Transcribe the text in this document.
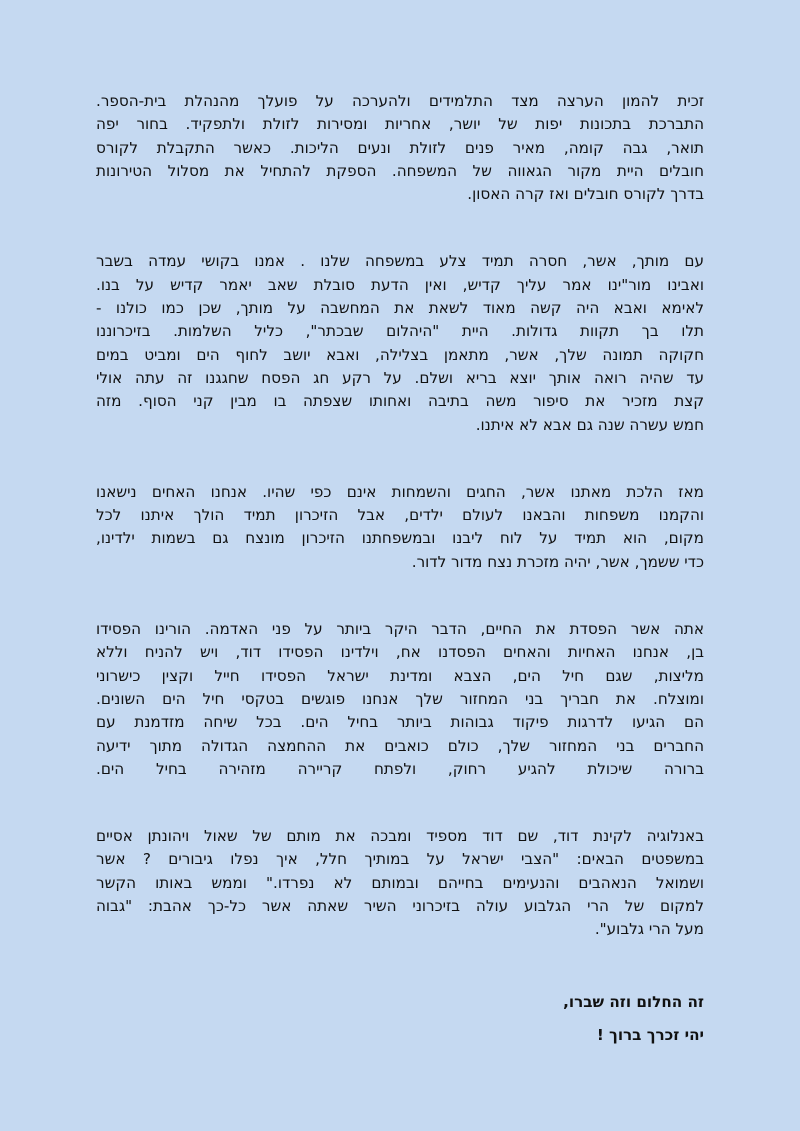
זכית להמון הערצה מצד התלמידים ולהערכה על פועלך מהנהלת בית-הספר.
התברכת בתכונות יפות של יושר, אחריות ומסירות לזולת ולתפקיד. בחור יפה
תואר, גבה קומה, מאיר פנים לזולת ונעים הליכות. כאשר התקבלת לקורס
חובלים היית מקור הגאווה של המשפחה. הספקת להתחיל את מסלול הטירונות
בדרך לקורס חובלים ואז קרה האסון.

עם מותך, אשר, חסרה תמיד צלע במשפחה שלנו . אמנו בקושי עמדה בשבר
ואבינו מור"ינו אמר עליך קדיש, ואין הדעת סובלת שאב יאמר קדיש על בנו.
לאימא ואבא היה קשה מאוד לשאת את המחשבה על מותך, שכן כמו כולנו -
תלו בך תקוות גדולות. היית "היהלום שבכתר", כליל השלמות. בזיכרוננו
חקוקה תמונה שלך, אשר, מתאמן בצלילה, ואבא יושב לחוף הים ומביט במים
עד שהיה רואה אותך יוצא בריא ושלם. על רקע חג הפסח שחגגנו זה עתה אולי
קצת מזכיר את סיפור משה בתיבה ואחותו שצפתה בו מבין קני הסוף. מזה
חמש עשרה שנה גם אבא לא איתנו.

מאז הלכת מאתנו אשר, החגים והשמחות אינם כפי שהיו. אנחנו האחים נישאנו
והקמנו משפחות והבאנו לעולם ילדים, אבל הזיכרון תמיד הולך איתנו לכל
מקום, הוא תמיד על לוח ליבנו ובמשפחתנו הזיכרון מונצח גם בשמות ילדינו,
כדי ששמך, אשר, יהיה מזכרת נצח מדור לדור.

אתה אשר הפסדת את החיים, הדבר היקר ביותר על פני האדמה. הורינו הפסידו
בן, אנחנו האחיות והאחים הפסדנו אח, וילדינו הפסידו דוד, ויש להניח וללא
מליצות, שגם חיל הים, הצבא ומדינת ישראל הפסידו חייל וקצין כישרוני
ומוצלח. את חבריך בני המחזור שלך אנחנו פוגשים בטקסי חיל הים השונים.
הם הגיעו לדרגות פיקוד גבוהות ביותר בחיל הים. בכל שיחה מזדמנת עם
החברים בני המחזור שלך, כולם כואבים את ההחמצה הגדולה מתוך ידיעה
ברורה שיכולת להגיע רחוק, ולפתח קריירה מזהירה בחיל הים.

באנלוגיה לקינת דוד, שם דוד מספיד ומבכה את מותם של שאול ויהונתן אסיים
במשפטים הבאים: "הצבי ישראל על במותיך חלל, איך נפלו גיבורים ? אשר
ושמואל הנאהבים והנעימים בחייהם ובמותם לא נפרדו." וממש באותו הקשר
למקום של הרי הגלבוע עולה בזיכרוני השיר שאתה אשר כל-כך אהבת: "גבוה
מעל הרי גלבוע".

זה החלום וזה שברו,
יהי זכרך ברוך !
